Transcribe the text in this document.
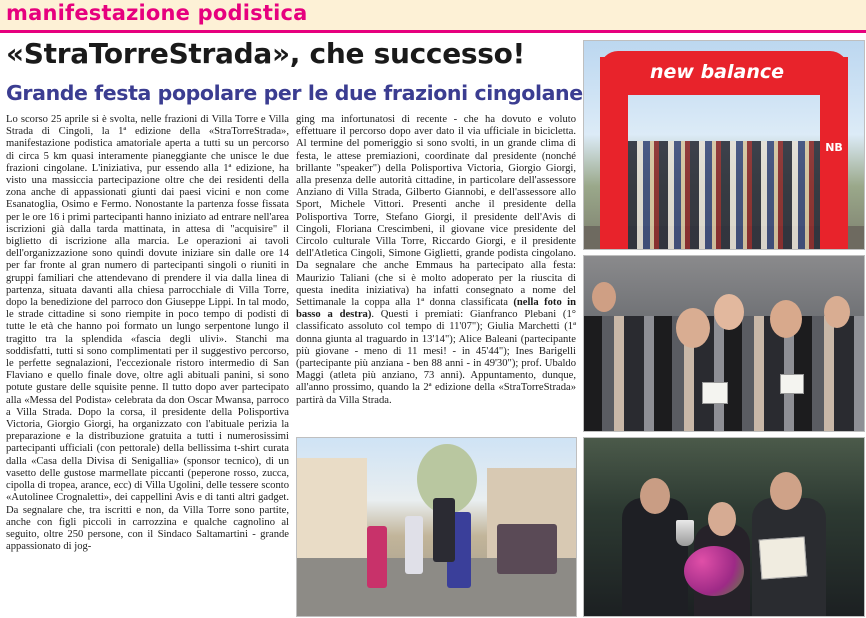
manifestazione podistica
«StraTorreStrada», che successo!
Grande festa popolare per le due frazioni cingolane

Lo scorso 25 aprile si è svolta, nelle frazioni di Villa Torre e Villa Strada di Cingoli, la 1ª edizione della «StraTorreStrada», manifestazione podistica amatoriale aperta a tutti su un percorso di circa 5 km quasi interamente pianeggiante che unisce le due frazioni cingolane. L'iniziativa, pur essendo alla 1ª edizione, ha visto una massiccia partecipazione oltre che dei residenti della zona anche di appassionati giunti dai paesi vicini e non come Esanatoglia, Osimo e Fermo. Nonostante la partenza fosse fissata per le ore 16 i primi partecipanti hanno iniziato ad entrare nell'area iscrizioni già dalla tarda mattinata, in attesa di "acquisire" il biglietto di iscrizione alla marcia. Le operazioni ai tavoli dell'organizzazione sono quindi dovute iniziare sin dalle ore 14 per far fronte al gran numero di partecipanti singoli o riuniti in gruppi familiari che attendevano di prendere il via dalla linea di partenza, situata davanti alla chiesa parrocchiale di Villa Torre, dopo la benedizione del parroco don Giuseppe Lippi. In tal modo, le strade cittadine si sono riempite in poco tempo di podisti di tutte le età che hanno poi formato un lungo serpentone lungo il tragitto tra la splendida «fascia degli ulivi». Stanchi ma soddisfatti, tutti si sono complimentati per il suggestivo percorso, le perfette segnalazioni, l'eccezionale ristoro intermedio di San Flaviano e quello finale dove, oltre agli abituali panini, si sono potute gustare delle squisite penne. Il tutto dopo aver partecipato alla «Messa del Podista» celebrata da don Oscar Mwansa, parroco a Villa Strada. Dopo la corsa, il presidente della Polisportiva Victoria, Giorgio Giorgi, ha organizzato con l'abituale perizia la preparazione e la distribuzione gratuita a tutti i numerosissimi partecipanti ufficiali (con pettorale) della bellissima t-shirt curata dalla «Casa della Divisa di Senigallia» (sponsor tecnico), di un vasetto delle gustose marmellate piccanti (peperone rosso, zucca, cipolla di tropea, arance, ecc) di Villa Ugolini, delle tessere sconto «Autolinee Crognaletti», dei cappellini Avis e di tanti altri gadget. Da segnalare che, tra iscritti e non, da Villa Torre sono partite, anche con figli piccoli in carrozzina e qualche cagnolino al seguito, oltre 250 persone, con il Sindaco Saltamartini - grande appassionato di jog-

ging ma infortunatosi di recente - che ha dovuto e voluto effettuare il percorso dopo aver dato il via ufficiale in bicicletta. Al termine del pomeriggio si sono svolti, in un grande clima di festa, le attese premiazioni, coordinate dal presidente (nonché brillante "speaker") della Polisportiva Victoria, Giorgio Giorgi, alla presenza delle autorità cittadine, in particolare dell'assessore Anziano di Villa Strada, Gilberto Giannobi, e dell'assessore allo Sport, Michele Vittori. Presenti anche il presidente della Polisportiva Torre, Stefano Giorgi, il presidente dell'Avis di Cingoli, Floriana Crescimbeni, il giovane vice presidente del Circolo culturale Villa Torre, Riccardo Giorgi, e il presidente dell'Atletica Cingoli, Simone Giglietti, grande podista cingolano. Da segnalare che anche Emmaus ha partecipato alla festa: Maurizio Taliani (che si è molto adoperato per la riuscita di questa inedita iniziativa) ha infatti consegnato a nome del Settimanale la coppa alla 1ª donna classificata (nella foto in basso a destra). Questi i premiati: Gianfranco Plebani (1° classificato assoluto col tempo di 11'07"); Giulia Marchetti (1ª donna giunta al traguardo in 13'14"); Alice Baleani (partecipante più giovane - meno di 11 mesi! - in 45'44"); Ines Barigelli (partecipante più anziana - ben 88 anni - in 49'30"); prof. Ubaldo Maggi (atleta più anziano, 73 anni). Appuntamento, dunque, all'anno prossimo, quando la 2ª edizione della «StraTorreStrada» partirà da Villa Strada.

new balance
NB
